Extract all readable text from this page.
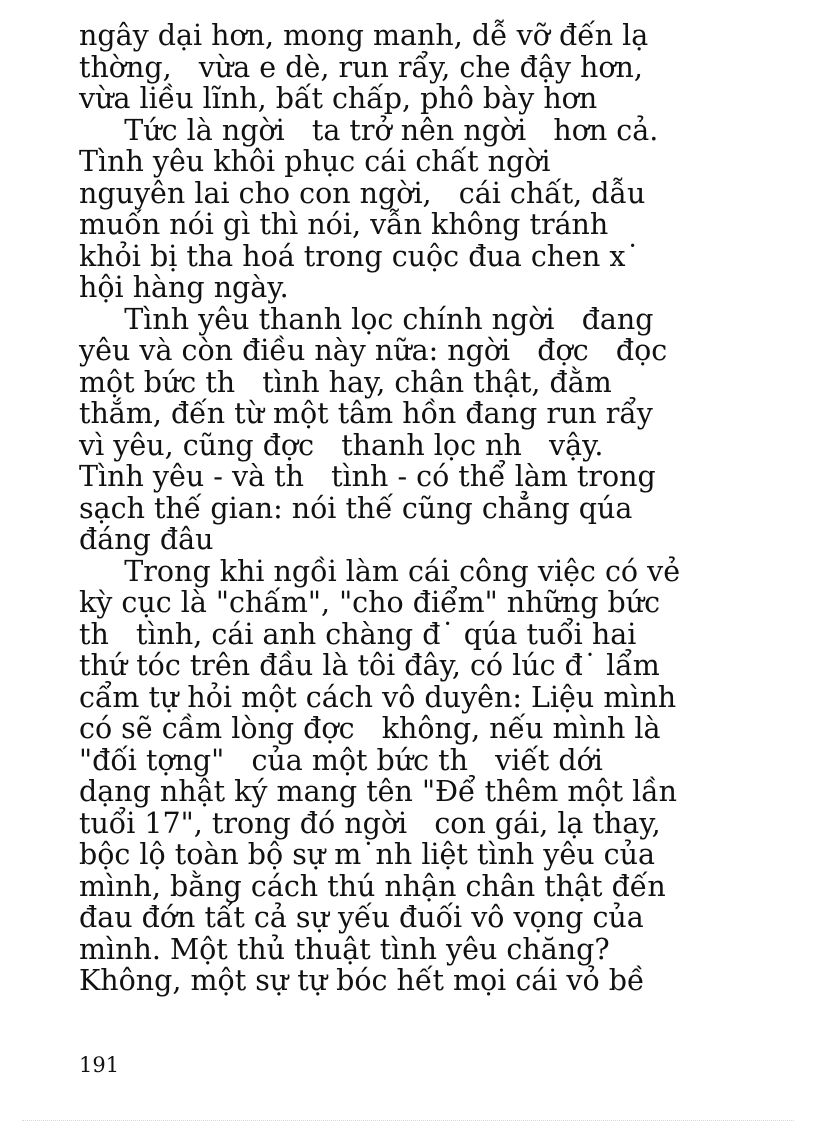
ngây dại hơn, mong manh, dễ vỡ đến lạ
thờng,   vừa e dè, run rẩy, che đậy hơn,
vừa liều lĩnh, bất chấp, phô bày hơn
Tức là ngời   ta trở nên ngời   hơn cả.
Tình yêu khôi phục cái chất ngời
nguyên lai cho con ngời,   cái chất, dẫu
muốn nói gì thì nói, vẫn không tránh
khỏi bị tha hoá trong cuộc đua chen x˙
hội hàng ngày.
Tình yêu thanh lọc chính ngời   đang
yêu và còn điều này nữa: ngời   đợc   đọc
một bức th   tình hay, chân thật, đằm
thắm, đến từ một tâm hồn đang run rẩy
vì yêu, cũng đợc   thanh lọc nh   vậy.
Tình yêu - và th   tình - có thể làm trong
sạch thế gian: nói thế cũng chẳng qúa
đáng đâu
Trong khi ngồi làm cái công việc có vẻ
kỳ cục là "chấm", "cho điểm" những bức
th   tình, cái anh chàng đ˙ qúa tuổi hai
thứ tóc trên đầu là tôi đây, có lúc đ˙ lẩm
cẩm tự hỏi một cách vô duyên: Liệu mình
có sẽ cầm lòng đợc   không, nếu mình là
"đối tợng"   của một bức th   viết dới
dạng nhật ký mang tên "Để thêm một lần
tuổi 17", trong đó ngời   con gái, lạ thay,
bộc lộ toàn bộ sự m˙nh liệt tình yêu của
mình, bằng cách thú nhận chân thật đến
đau đớn tất cả sự yếu đuối vô vọng của
mình. Một thủ thuật tình yêu chăng?
Không, một sự tự bóc hết mọi cái vỏ bề
191
